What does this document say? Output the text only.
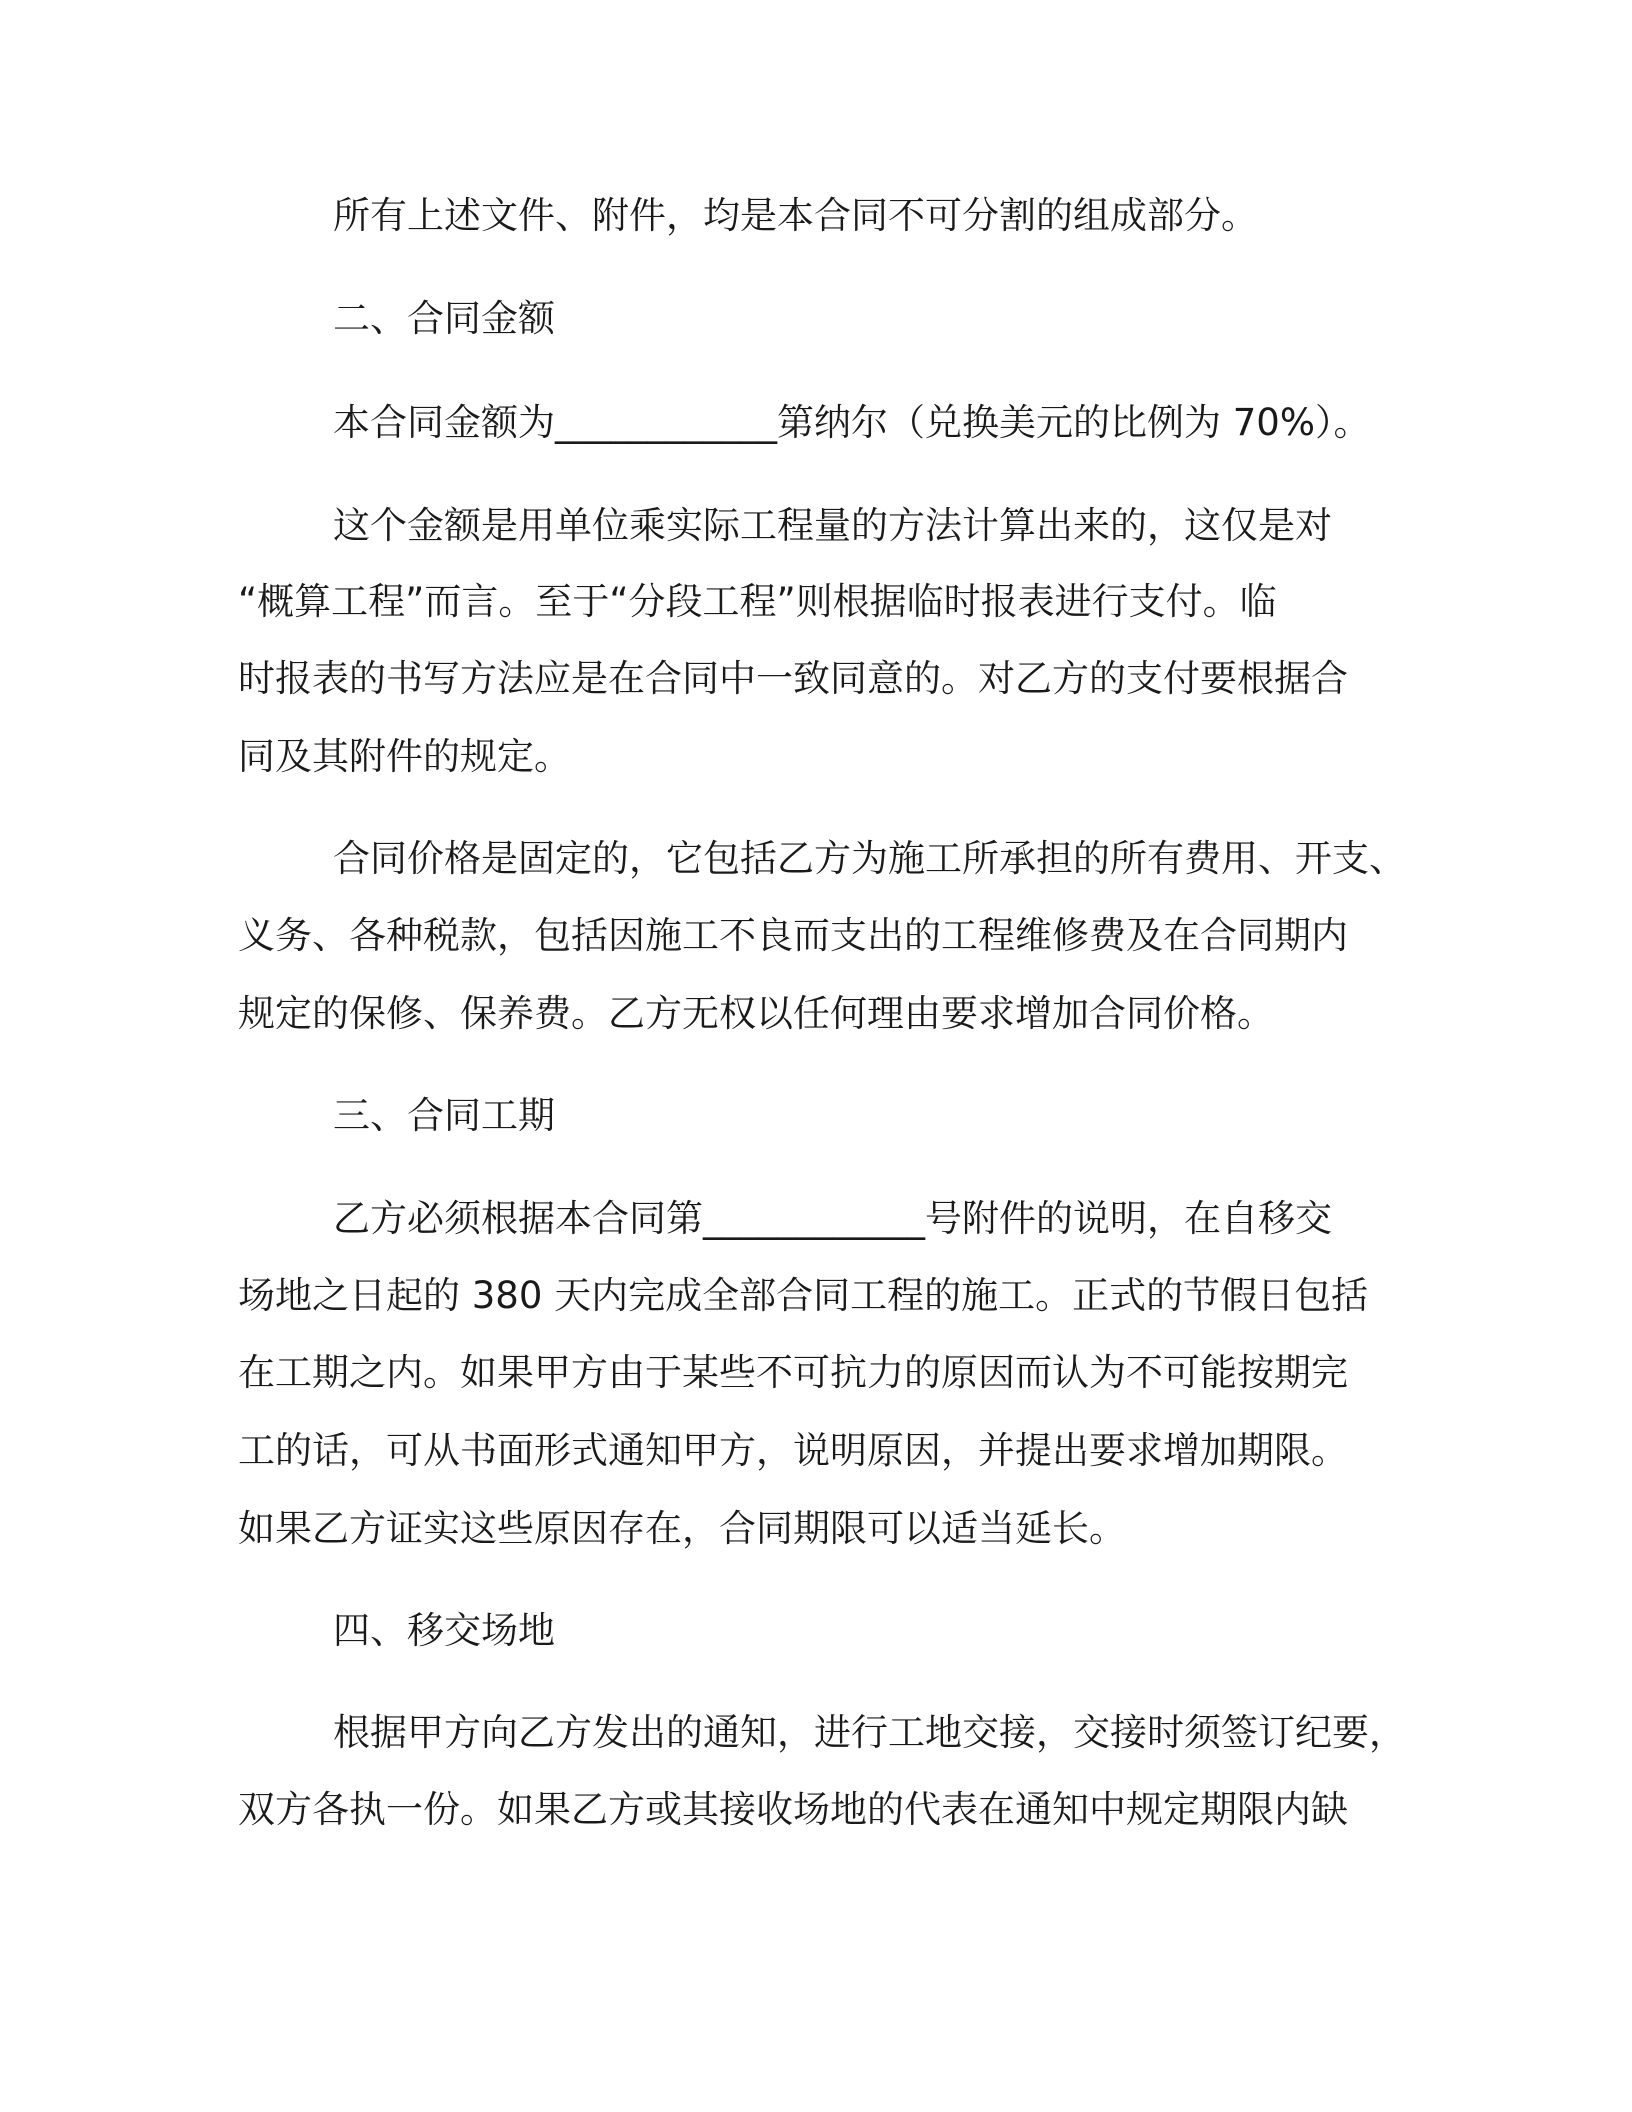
所有上述文件、附件，均是本合同不可分割的组成部分。
二、合同金额
本合同金额为____________第纳尔（兑换美元的比例为 70%）。
这个金额是用单位乘实际工程量的方法计算出来的，这仅是对
“概算工程”而言。至于“分段工程”则根据临时报表进行支付。临
时报表的书写方法应是在合同中一致同意的。对乙方的支付要根据合
同及其附件的规定。
合同价格是固定的，它包括乙方为施工所承担的所有费用、开支、
义务、各种税款，包括因施工不良而支出的工程维修费及在合同期内
规定的保修、保养费。乙方无权以任何理由要求增加合同价格。
三、合同工期
乙方必须根据本合同第____________号附件的说明，在自移交
场地之日起的 380 天内完成全部合同工程的施工。正式的节假日包括
在工期之内。如果甲方由于某些不可抗力的原因而认为不可能按期完
工的话，可从书面形式通知甲方，说明原因，并提出要求增加期限。
如果乙方证实这些原因存在，合同期限可以适当延长。
四、移交场地
根据甲方向乙方发出的通知，进行工地交接，交接时须签订纪要，
双方各执一份。如果乙方或其接收场地的代表在通知中规定期限内缺
